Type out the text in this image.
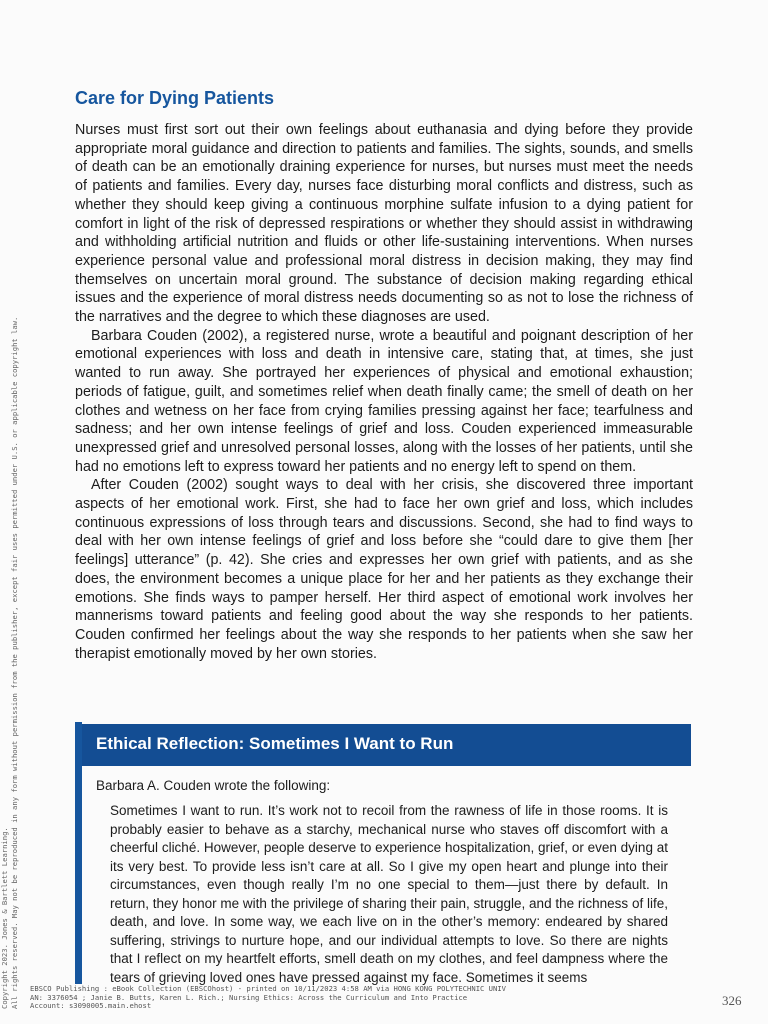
Copyright 2023. Jones & Bartlett Learning. All rights reserved. May not be reproduced in any form without permission from the publisher, except fair uses permitted under U.S. or applicable copyright law.
Care for Dying Patients

Nurses must first sort out their own feelings about euthanasia and dying before they provide appropriate moral guidance and direction to patients and families. The sights, sounds, and smells of death can be an emotionally draining experience for nurses, but nurses must meet the needs of patients and families. Every day, nurses face disturbing moral conflicts and distress, such as whether they should keep giving a continuous morphine sulfate infusion to a dying patient for comfort in light of the risk of depressed respirations or whether they should assist in withdrawing and withholding artificial nutrition and fluids or other life-sustaining interventions. When nurses experience personal value and professional moral distress in decision making, they may find themselves on uncertain moral ground. The substance of decision making regarding ethical issues and the experience of moral distress needs documenting so as not to lose the richness of the narratives and the degree to which these diagnoses are used.

Barbara Couden (2002), a registered nurse, wrote a beautiful and poignant description of her emotional experiences with loss and death in intensive care, stating that, at times, she just wanted to run away. She portrayed her experiences of physical and emotional exhaustion; periods of fatigue, guilt, and sometimes relief when death finally came; the smell of death on her clothes and wetness on her face from crying families pressing against her face; tearfulness and sadness; and her own intense feelings of grief and loss. Couden experienced immeasurable unexpressed grief and unresolved personal losses, along with the losses of her patients, until she had no emotions left to express toward her patients and no energy left to spend on them.

After Couden (2002) sought ways to deal with her crisis, she discovered three important aspects of her emotional work. First, she had to face her own grief and loss, which includes continuous expressions of loss through tears and discussions. Second, she had to find ways to deal with her own intense feelings of grief and loss before she “could dare to give them [her feelings] utterance” (p. 42). She cries and expresses her own grief with patients, and as she does, the environment becomes a unique place for her and her patients as they exchange their emotions. She finds ways to pamper herself. Her third aspect of emotional work involves her mannerisms toward patients and feeling good about the way she responds to her patients. Couden confirmed her feelings about the way she responds to her patients when she saw her therapist emotionally moved by her own stories.

Ethical Reflection: Sometimes I Want to Run
Barbara A. Couden wrote the following:

Sometimes I want to run. It’s work not to recoil from the rawness of life in those rooms. It is probably easier to behave as a starchy, mechanical nurse who staves off discomfort with a cheerful cliché. However, people deserve to experience hospitalization, grief, or even dying at its very best. To provide less isn’t care at all. So I give my open heart and plunge into their circumstances, even though really I’m no one special to them—just there by default. In return, they honor me with the privilege of sharing their pain, struggle, and the richness of life, death, and love. In some way, we each live on in the other’s memory: endeared by shared suffering, strivings to nurture hope, and our individual attempts to love. So there are nights that I reflect on my heartfelt efforts, smell death on my clothes, and feel dampness where the tears of grieving loved ones have pressed against my face. Sometimes it seems

EBSCO Publishing : eBook Collection (EBSCOhost) - printed on 10/11/2023 4:58 AM via HONG KONG POLYTECHNIC UNIV
AN: 3376054 ; Janie B. Butts, Karen L. Rich.; Nursing Ethics: Across the Curriculum and Into Practice
Account: s3090005.main.ehost	326
